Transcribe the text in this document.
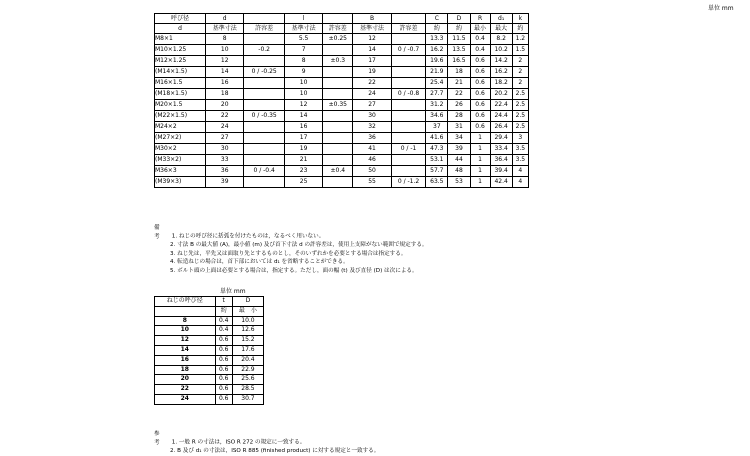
単位 mm
呼び径	d		l		B		C	D	R	d₁	k
d	基準寸法	許容差	基準寸法	許容差	基準寸法	許容差	約	約	最小	最大	約
M8×1	8		5.5	±0.25	12		13.3	11.5	0.4	8.2	1.2
M10×1.25	10	-0.2	7		14	0 / -0.7	16.2	13.5	0.4	10.2	1.5
M12×1.25	12		8	±0.3	17		19.6	16.5	0.6	14.2	2
(M14×1.5)	14	0 / -0.25	9		19		21.9	18	0.6	16.2	2
M16×1.5	16		10		22		25.4	21	0.6	18.2	2
(M18×1.5)	18		10		24	0 / -0.8	27.7	22	0.6	20.2	2.5
M20×1.5	20		12	±0.35	27		31.2	26	0.6	22.4	2.5
(M22×1.5)	22	0 / -0.35	14		30		34.6	28	0.6	24.4	2.5
M24×2	24		16		32		37	31	0.6	26.4	2.5
(M27×2)	27		17		36		41.6	34	1	29.4	3
M30×2	30		19		41	0 / -1	47.3	39	1	33.4	3.5
(M33×2)	33		21		46		53.1	44	1	36.4	3.5
M36×3	36	0 / -0.4	23	±0.4	50		57.7	48	1	39.4	4
(M39×3)	39		25		55	0 / -1.2	63.5	53	1	42.4	4
備　考 1. ねじの呼び径に括弧を付けたものは，なるべく用いない。
2. 寸法 B の最大値 (A)，最小値 (m) 及び首下寸法 d の許容差は，使用上支障がない範囲で規定する。
3. ねじ先は，平先又は面取り先とするものとし，そのいずれかを必要とする場合は指定する。
4. 転造ねじの場合は，首下部においては d₁ を省略することができる。
5. ボルト頭の上面は必要とする場合は，指定する。ただし，面の幅 (t) 及び直径 (D) は次による。
単位 mm
ねじの呼び径	t	D
	約	最　小
8	0.4	10.0
10	0.4	12.6
12	0.6	15.2
14	0.6	17.6
16	0.6	20.4
18	0.6	22.9
20	0.6	25.6
22	0.6	28.5
24	0.6	30.7
参　考 1. 一般 R の寸法は，ISO R 272 の規定に一致する。
2. B 及び d₁ の寸法は，ISO R 885 (finished product) に対する規定と一致する。
